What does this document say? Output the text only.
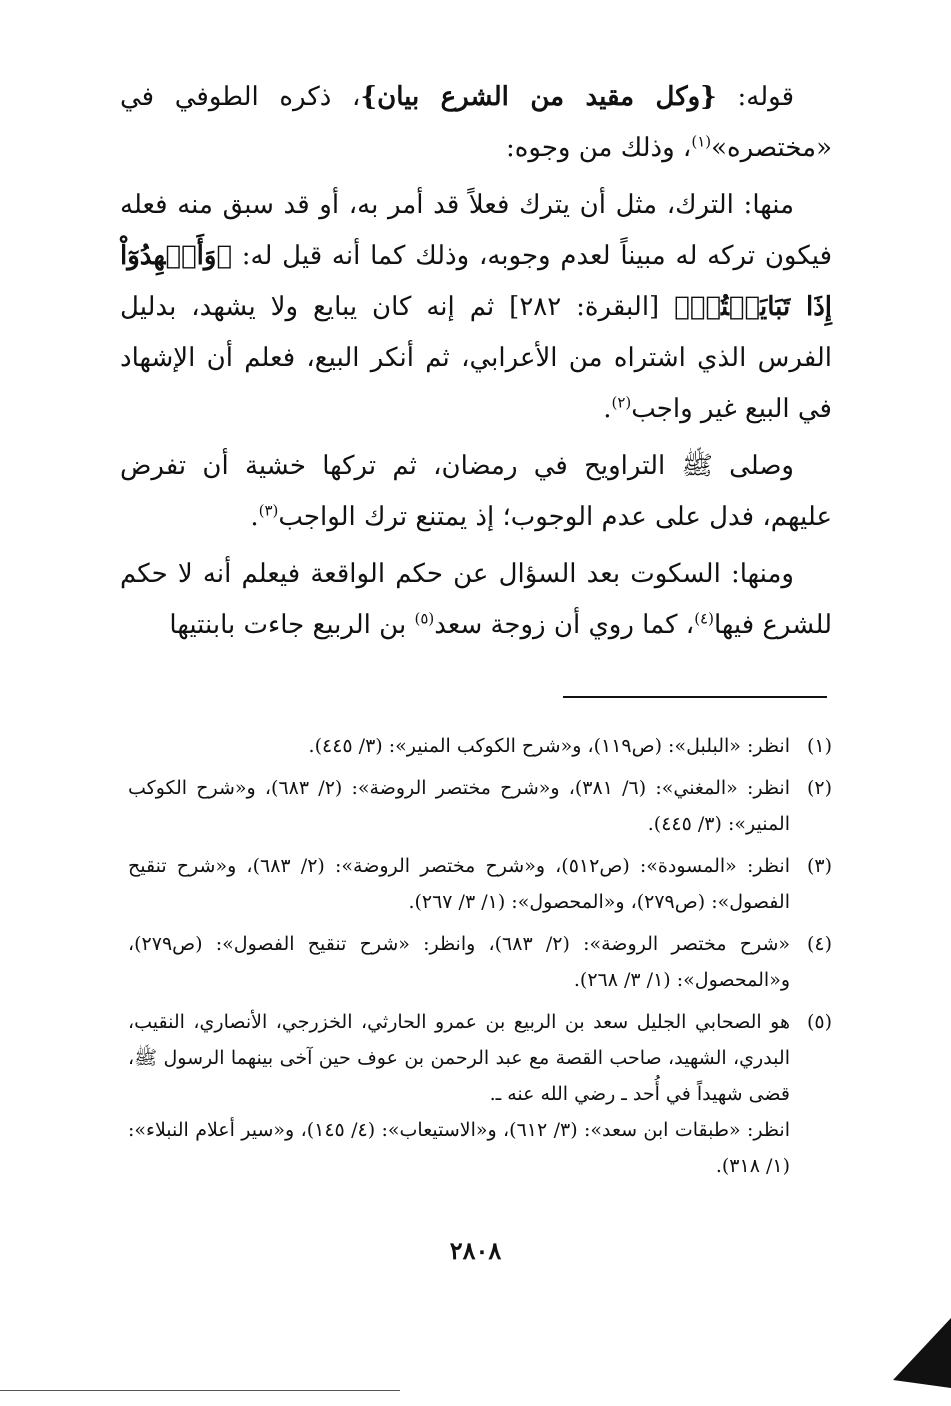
قوله: {وكل مقيد من الشرع بيان}، ذكره الطوفي في «مختصره»$^{(١)}$، وذلك من وجوه:

منها: الترك، مثل أن يترك فعلاً قد أمر به، أو قد سبق منه فعله فيكون تركه له مبيناً لعدم وجوبه، وذلك كما أنه قيل له: ﴿وَأَشۡهِدُوٓاْ إِذَا تَبَايَعۡتُمۡ﴾ [البقرة: ٢٨٢] ثم إنه كان يبايع ولا يشهد، بدليل الفرس الذي اشتراه من الأعرابي، ثم أنكر البيع، فعلم أن الإشهاد في البيع غير واجب$^{(٢)}$.

وصلى ﷺ التراويح في رمضان، ثم تركها خشية أن تفرض عليهم، فدل على عدم الوجوب؛ إذ يمتنع ترك الواجب$^{(٣)}$.

ومنها: السكوت بعد السؤال عن حكم الواقعة فيعلم أنه لا حكم للشرع فيها$^{(٤)}$، كما روي أن زوجة سعد$^{(٥)}$ بن الربيع جاءت بابنتيها

(١)

انظر: «البلبل»: (ص١١٩)، و«شرح الكوكب المنير»: (٣/ ٤٤٥).

(٢)

انظر: «المغني»: (٦/ ٣٨١)، و«شرح مختصر الروضة»: (٢/ ٦٨٣)، و«شرح الكوكب المنير»: (٣/ ٤٤٥).

(٣)

انظر: «المسودة»: (ص٥١٢)، و«شرح مختصر الروضة»: (٢/ ٦٨٣)، و«شرح تنقيح الفصول»: (ص٢٧٩)، و«المحصول»: (١/ ٣/ ٢٦٧).

(٤)

«شرح مختصر الروضة»: (٢/ ٦٨٣)، وانظر: «شرح تنقيح الفصول»: (ص٢٧٩)، و«المحصول»: (١/ ٣/ ٢٦٨).

(٥)

هو الصحابي الجليل سعد بن الربيع بن عمرو الحارثي، الخزرجي، الأنصاري، النقيب، البدري، الشهيد، صاحب القصة مع عبد الرحمن بن عوف حين آخى بينهما الرسول ﷺ، قضى شهيداً في أُحد ـ رضي الله عنه ـ.

انظر: «طبقات ابن سعد»: (٣/ ٦١٢)، و«الاستيعاب»: (٤/ ١٤٥)، و«سير أعلام النبلاء»: (١/ ٣١٨).

٢٨٠٨
